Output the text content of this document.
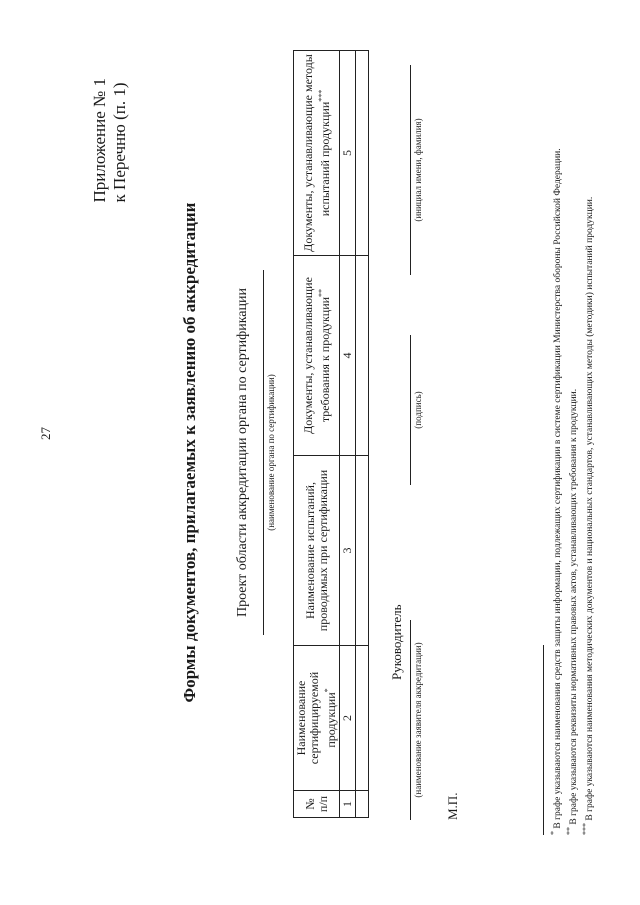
27
Приложение № 1 к Перечню (п. 1)
Формы документов, прилагаемых к заявлению об аккредитации	Проект области аккредитации органа по сертификации (наименование органа по сертификации)
№ п/п	Наименование сертифицируемой продукции*	Наименование испытаний, проводимых при сертификации	Документы, устанавливающие требования к продукции**	Документы, устанавливающие методы испытаний продукции***
1	2	3	4	5

Руководитель
(наименование заявителя аккредитации)
(подпись)
(инициал имени, фамилия)
М.П.

* В графе указываются наименования средств защиты информации, подлежащих сертификации в системе сертификации Министерства обороны Российской Федерации.

** В графе указываются реквизиты нормативных правовых актов, устанавливающих требования к продукции.

*** В графе указываются наименования методических документов и национальных стандартов, устанавливающих методы (методики) испытаний продукции.
